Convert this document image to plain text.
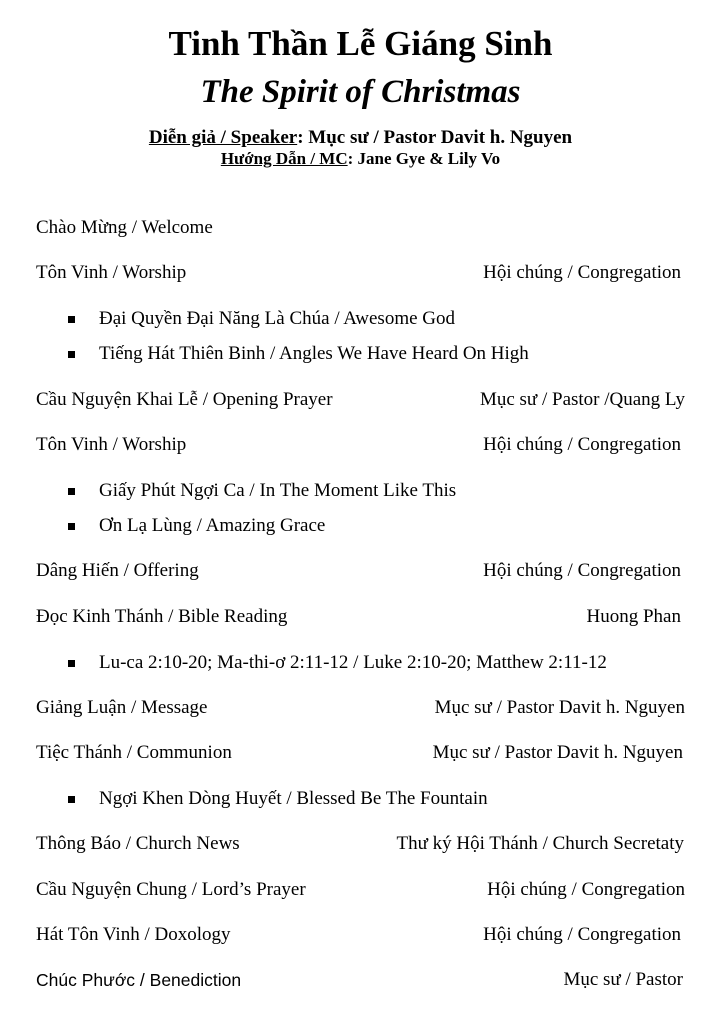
Tinh Thần Lễ Giáng Sinh
The Spirit of Christmas
Diễn giả / Speaker: Mục sư / Pastor Davit h. Nguyen
Hướng Dẫn / MC: Jane Gye & Lily Vo
Chào Mừng / Welcome
Tôn Vinh / Worship	Hội chúng / Congregation
Đại Quyền Đại Năng Là Chúa / Awesome God
Tiếng Hát Thiên Binh / Angles We Have Heard On High
Cầu Nguyện Khai Lễ / Opening Prayer	Mục sư / Pastor /Quang Ly
Tôn Vinh / Worship	Hội chúng / Congregation
Giấy Phút Ngợi Ca / In The Moment Like This
Ơn Lạ Lùng / Amazing Grace
Dâng Hiến / Offering	Hội chúng / Congregation
Đọc Kinh Thánh / Bible Reading	Huong Phan
Lu-ca 2:10-20; Ma-thi-ơ 2:11-12 / Luke 2:10-20; Matthew 2:11-12
Giảng Luận / Message	Mục sư / Pastor Davit h. Nguyen
Tiệc Thánh / Communion	Mục sư / Pastor Davit h. Nguyen
Ngợi Khen Dòng Huyết / Blessed Be The Fountain
Thông Báo / Church News	Thư ký Hội Thánh / Church Secretaty
Cầu Nguyện Chung / Lord’s Prayer	Hội chúng / Congregation
Hát Tôn Vinh / Doxology	Hội chúng / Congregation
Chúc Phước / Benediction	Mục sư / Pastor
